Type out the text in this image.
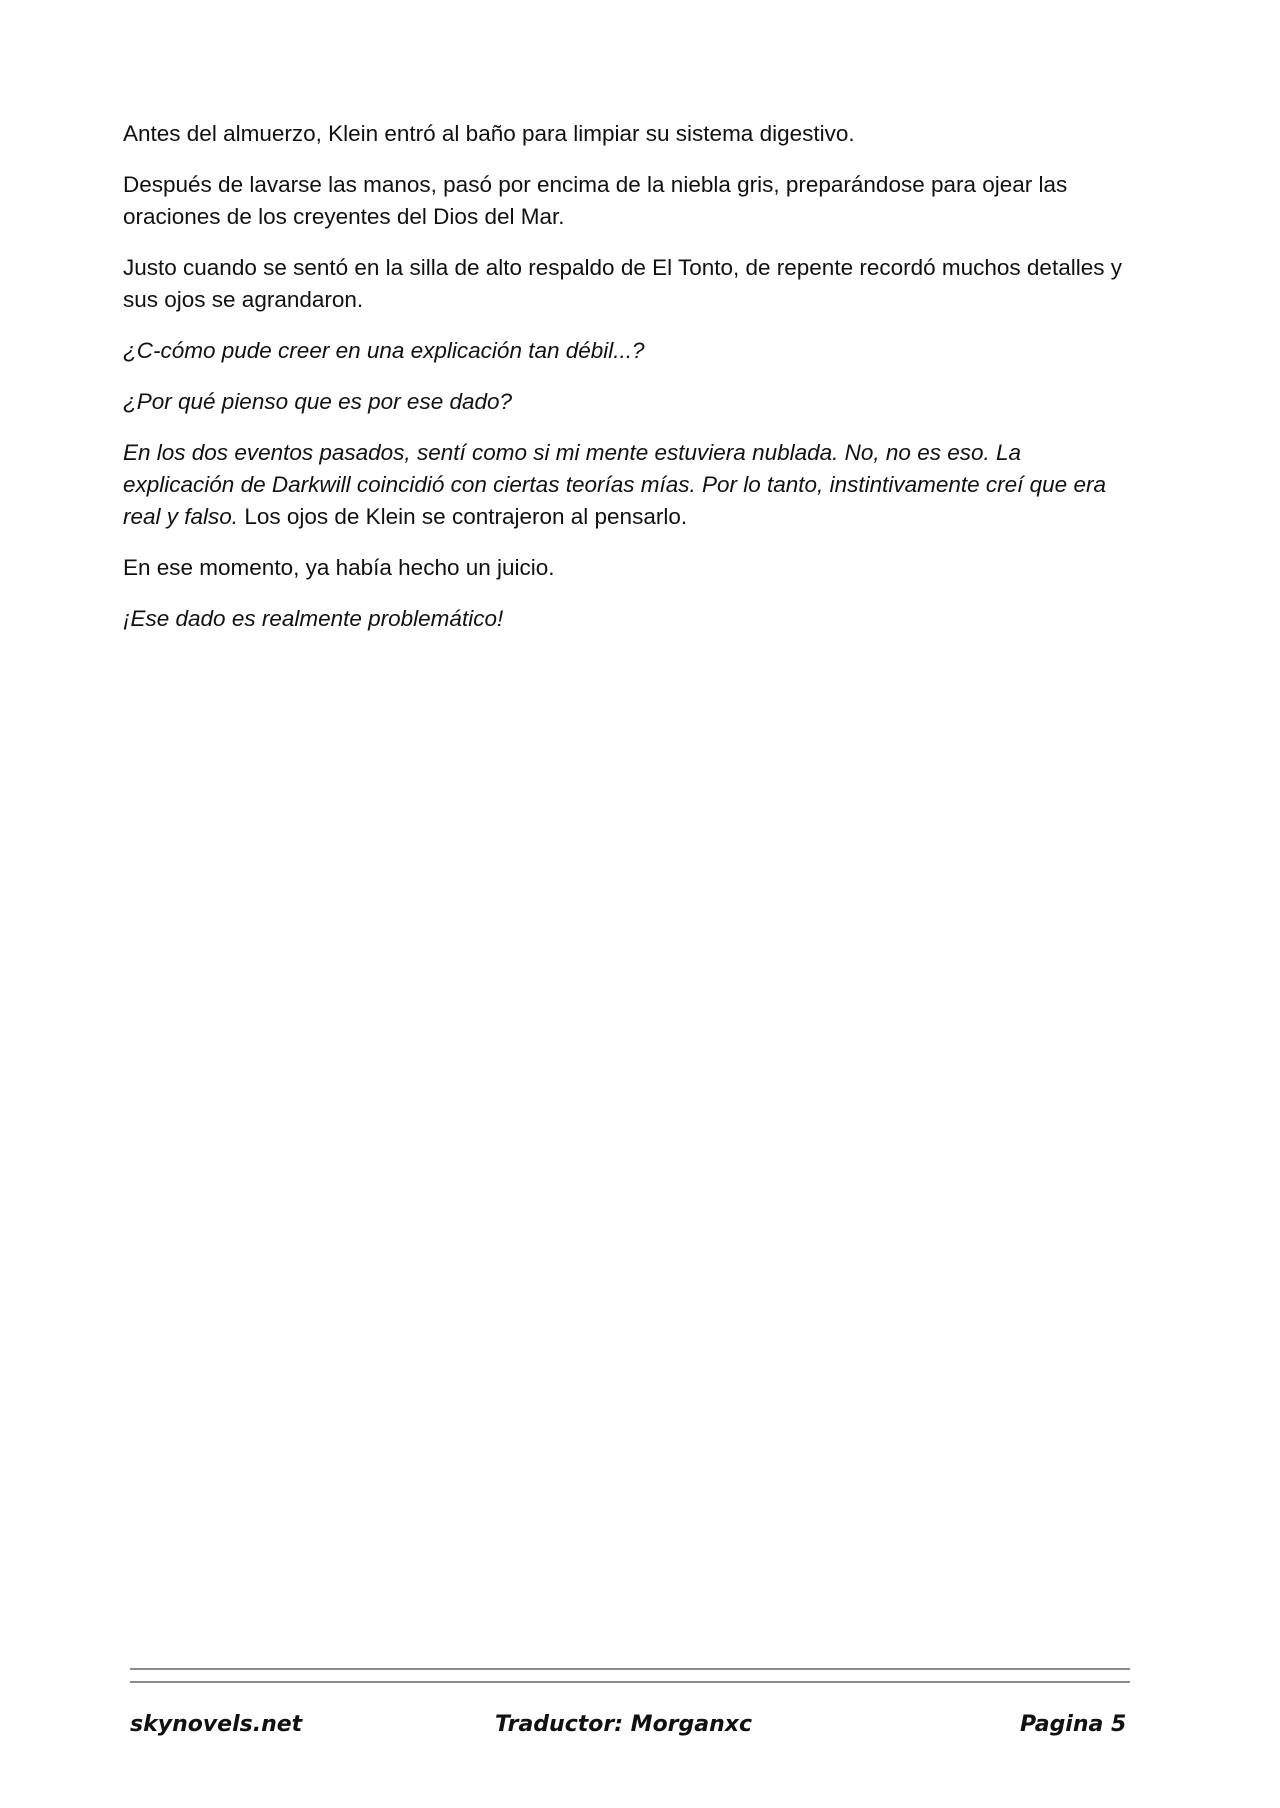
Antes del almuerzo, Klein entró al baño para limpiar su sistema digestivo.

Después de lavarse las manos, pasó por encima de la niebla gris, preparándose para ojear las oraciones de los creyentes del Dios del Mar.

Justo cuando se sentó en la silla de alto respaldo de El Tonto, de repente recordó muchos detalles y sus ojos se agrandaron.

¿C-cómo pude creer en una explicación tan débil...?

¿Por qué pienso que es por ese dado?

En los dos eventos pasados, sentí como si mi mente estuviera nublada. No, no es eso. La explicación de Darkwill coincidió con ciertas teorías mías. Por lo tanto, instintivamente creí que era real y falso. Los ojos de Klein se contrajeron al pensarlo.

En ese momento, ya había hecho un juicio.

¡Ese dado es realmente problemático!

skynovels.net	Traductor: Morganxc	Pagina 5
